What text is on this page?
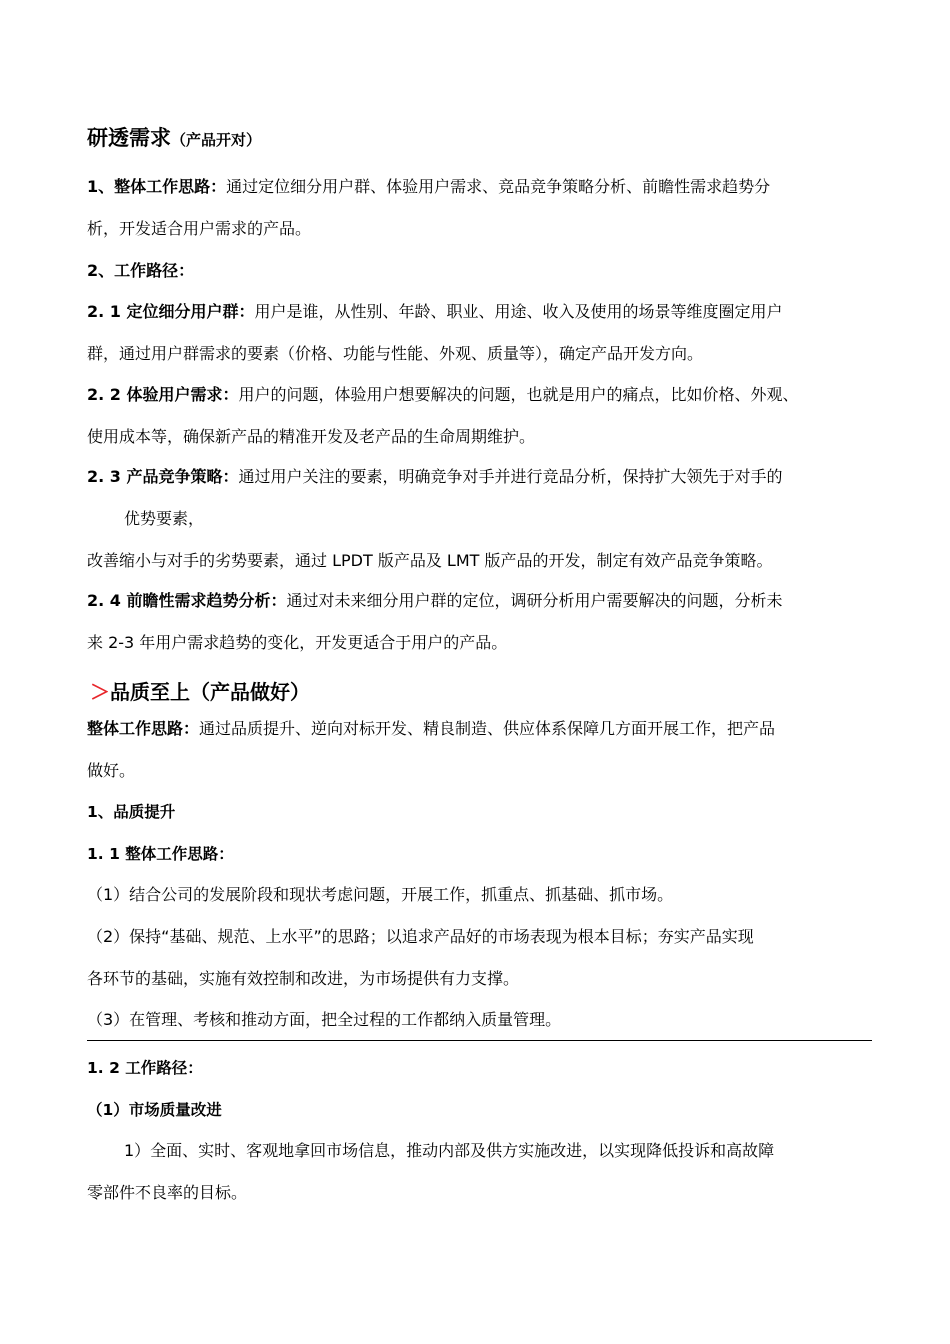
研透需求（产品开对）
1、整体工作思路：通过定位细分用户群、体验用户需求、竞品竞争策略分析、前瞻性需求趋势分
析，开发适合用户需求的产品。
2、工作路径：
2. 1 定位细分用户群：用户是谁，从性别、年龄、职业、用途、收入及使用的场景等维度圈定用户
群，通过用户群需求的要素（价格、功能与性能、外观、质量等），确定产品开发方向。
2. 2 体验用户需求：用户的问题，体验用户想要解决的问题，也就是用户的痛点，比如价格、外观、
使用成本等，确保新产品的精准开发及老产品的生命周期维护。
2. 3 产品竞争策略：通过用户关注的要素，明确竞争对手并进行竞品分析，保持扩大领先于对手的
优势要素，
改善缩小与对手的劣势要素，通过 LPDT 版产品及 LMT 版产品的开发，制定有效产品竞争策略。
2. 4 前瞻性需求趋势分析：通过对未来细分用户群的定位，调研分析用户需要解决的问题，分析未
来 2-3 年用户需求趋势的变化，开发更适合于用户的产品。
＞品质至上（产品做好）
整体工作思路：通过品质提升、逆向对标开发、精良制造、供应体系保障几方面开展工作，把产品
做好。
1、品质提升
1. 1 整体工作思路：
（1）结合公司的发展阶段和现状考虑问题，开展工作，抓重点、抓基础、抓市场。
（2）保持“基础、规范、上水平”的思路；以追求产品好的市场表现为根本目标；夯实产品实现
各环节的基础，实施有效控制和改进，为市场提供有力支撑。
（3）在管理、考核和推动方面，把全过程的工作都纳入质量管理。
1. 2 工作路径：
（1）市场质量改进
1）全面、实时、客观地拿回市场信息，推动内部及供方实施改进，以实现降低投诉和高故障
零部件不良率的目标。
